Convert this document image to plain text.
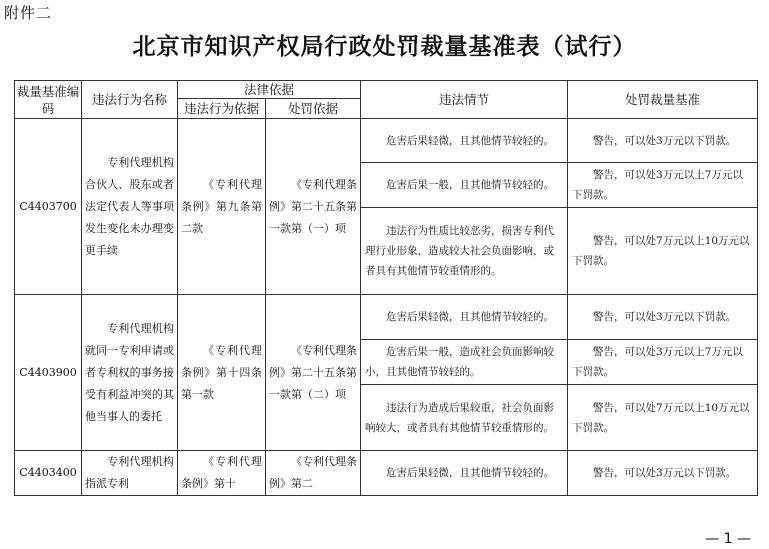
附件二
北京市知识产权局行政处罚裁量基准表（试行）
裁量基准编码	违法行为名称	法律依据		违法情节	处罚裁量基准
		违法行为依据	处罚依据		
C4403700	专利代理机构合伙人、股东或者法定代表人等事项发生变化未办理变更手续	《专利代理条例》第九条第二款	《专利代理条例》第二十五条第一款第（一）项	危害后果轻微，且其他情节较轻的。	警告，可以处3万元以下罚款。
				危害后果一般，且其他情节较轻的。	警告，可以处3万元以上7万元以下罚款。
				违法行为性质比较恶劣，损害专利代理行业形象，造成较大社会负面影响，或者具有其他情节较重情形的。	警告，可以处7万元以上10万元以下罚款。
C4403900	专利代理机构就同一专利申请或者专利权的事务接受有利益冲突的其他当事人的委托	《专利代理条例》第十四条第一款	《专利代理条例》第二十五条第一款第（二）项	危害后果轻微，且其他情节较轻的。	警告，可以处3万元以下罚款。
				危害后果一般，造成社会负面影响较小，且其他情节较轻的。	警告，可以处3万元以上7万元以下罚款。
				违法行为造成后果较重，社会负面影响较大，或者具有其他情节较重情形的。	警告，可以处7万元以上10万元以下罚款。
C4403400	专利代理机构指派专利	《专利代理条例》第十	《专利代理条例》第二	危害后果轻微，且其他情节较轻的。	警告，可以处3万元以下罚款。
— 1 —
